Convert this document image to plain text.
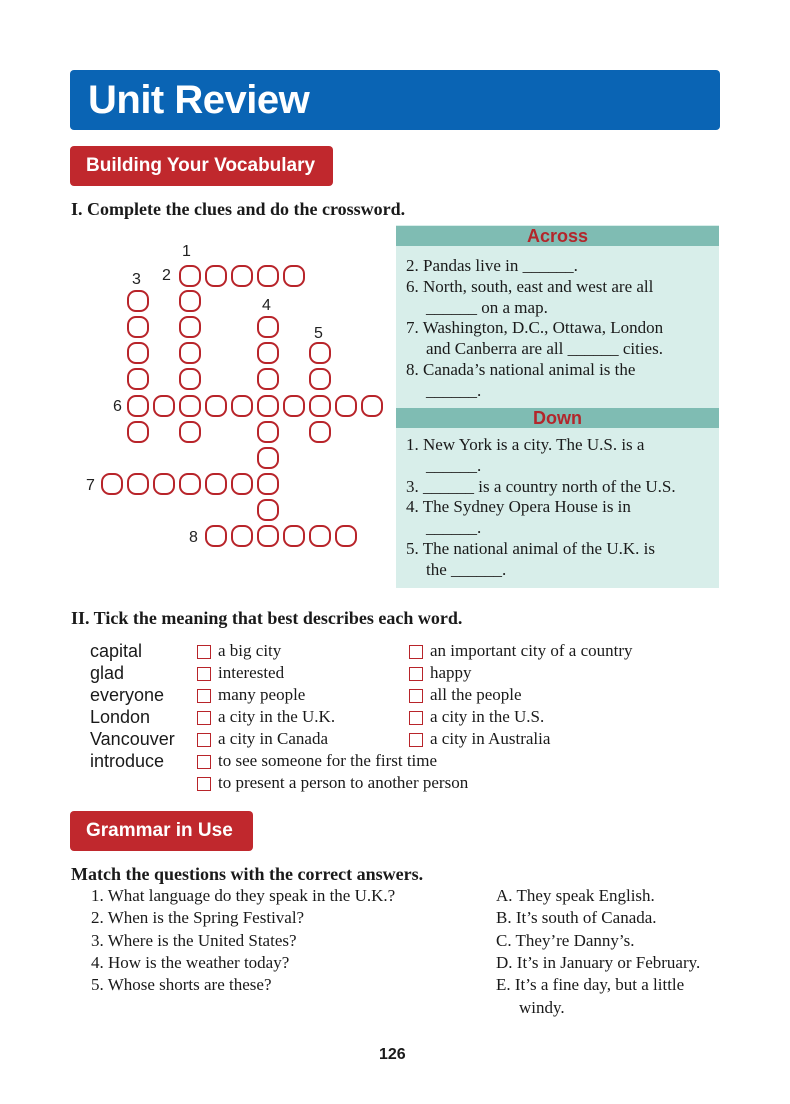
Unit Review
Building Your Vocabulary
I. Complete the clues and do the crossword.
Across
Down
2. Pandas live in ______.
6. North, south, east and west are all
______ on a map.
7. Washington, D.C., Ottawa, London
and Canberra are all ______ cities.
8. Canada’s national animal is the
______.
1. New York is a city. The U.S. is a
______.
3. ______ is a country north of the U.S.
4. The Sydney Opera House is in
______.
5. The national animal of the U.K. is
the ______.
II. Tick the meaning that best describes each word.
Grammar in Use
Match the questions with the correct answers.
126
1
2
3
4
5
6
7
8
capital	a big city	an important city of a country
glad	interested	happy
everyone	many people	all the people
London	a city in the U.K.	a city in the U.S.
Vancouver	a city in Canada	a city in Australia
introduce	to see someone for the first time
to present a person to another person
1. What language do they speak in the U.K.?
2. When is the Spring Festival?
3. Where is the United States?
4. How is the weather today?
5. Whose shorts are these?
A. They speak English.
B. It’s south of Canada.
C. They’re Danny’s.
D. It’s in January or February.
E. It’s a fine day, but a little
windy.
